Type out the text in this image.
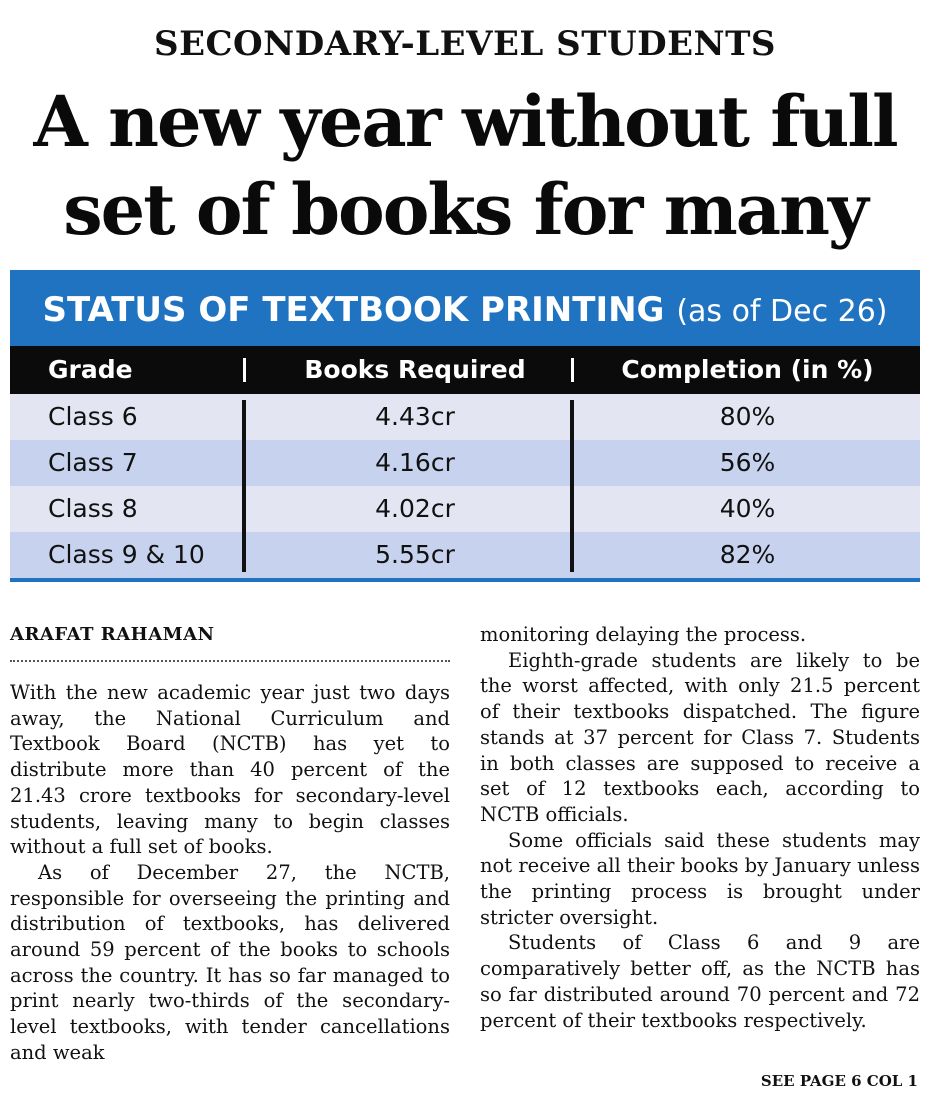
SECONDARY-LEVEL STUDENTS
A new year without full
set of books for many
STATUS OF TEXTBOOK PRINTING (as of Dec 26)
Grade	Books Required	Completion (in %)
Class 6	4.43cr	80%
Class 7	4.16cr	56%
Class 8	4.02cr	40%
Class 9 & 10	5.55cr	82%
ARAFAT RAHAMAN

With the new academic year just two days away, the National Curriculum and Textbook Board (NCTB) has yet to distribute more than 40 percent of the 21.43 crore textbooks for secondary-level students, leaving many to begin classes without a full set of books.

As of December 27, the NCTB, responsible for overseeing the printing and distribution of textbooks, has delivered around 59 percent of the books to schools across the country. It has so far managed to print nearly two-thirds of the secondary-level textbooks, with tender cancellations and weak

monitoring delaying the process.

Eighth-grade students are likely to be the worst affected, with only 21.5 percent of their textbooks dispatched. The figure stands at 37 percent for Class 7. Students in both classes are supposed to receive a set of 12 textbooks each, according to NCTB officials.

Some officials said these students may not receive all their books by January unless the printing process is brought under stricter oversight.

Students of Class 6 and 9 are comparatively better off, as the NCTB has so far distributed around 70 percent and 72 percent of their textbooks respectively.

SEE PAGE 6 COL 1
